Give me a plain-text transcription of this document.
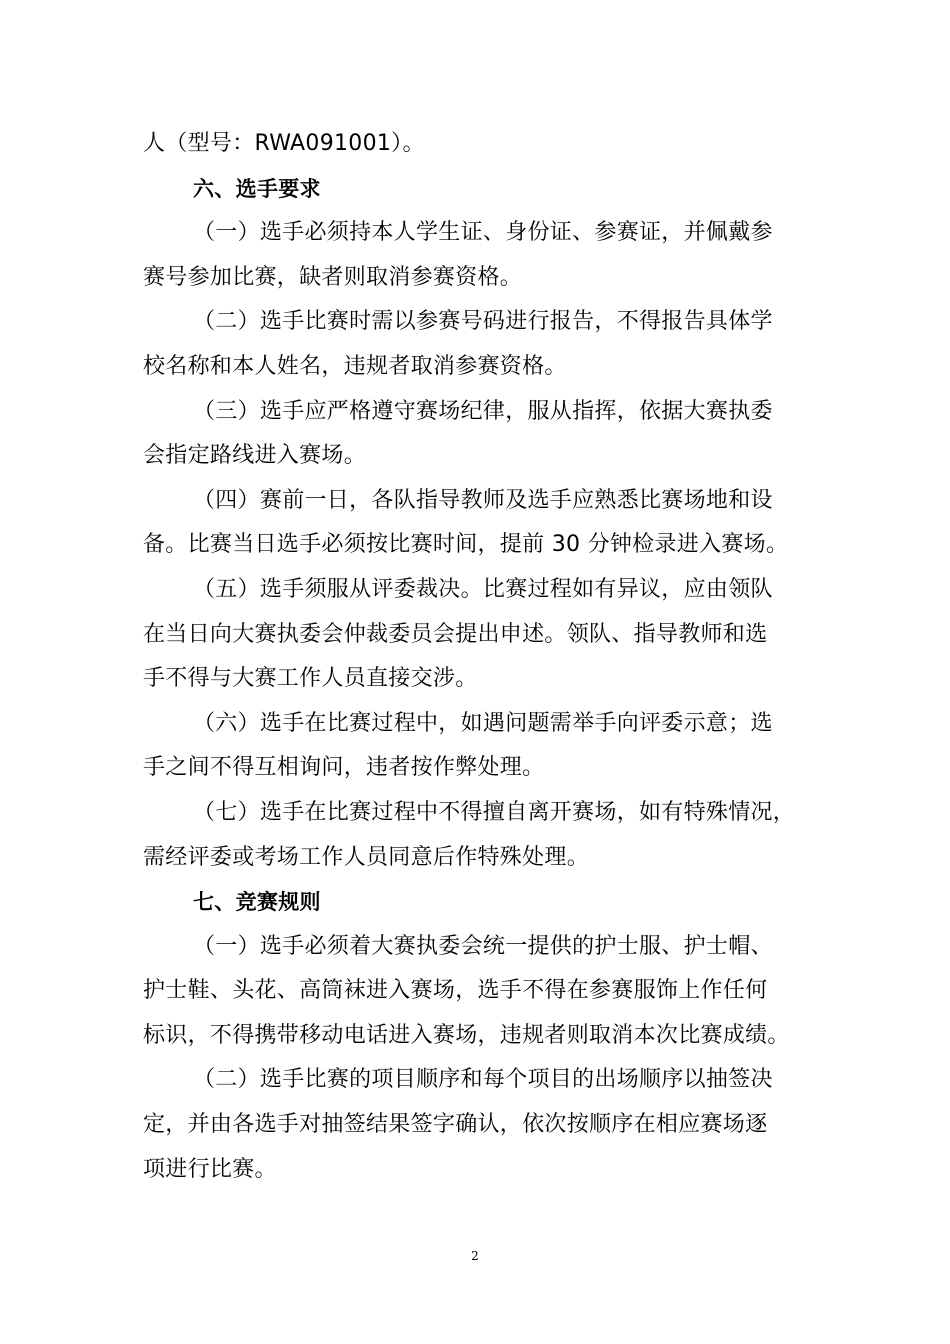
人（型号：RWA091001）。
六、选手要求
（一）选手必须持本人学生证、身份证、参赛证，并佩戴参
赛号参加比赛，缺者则取消参赛资格。
（二）选手比赛时需以参赛号码进行报告，不得报告具体学
校名称和本人姓名，违规者取消参赛资格。
（三）选手应严格遵守赛场纪律，服从指挥，依据大赛执委
会指定路线进入赛场。
（四）赛前一日，各队指导教师及选手应熟悉比赛场地和设
备。比赛当日选手必须按比赛时间，提前 30 分钟检录进入赛场。
（五）选手须服从评委裁决。比赛过程如有异议，应由领队
在当日向大赛执委会仲裁委员会提出申述。领队、指导教师和选
手不得与大赛工作人员直接交涉。
（六）选手在比赛过程中，如遇问题需举手向评委示意；选
手之间不得互相询问，违者按作弊处理。
（七）选手在比赛过程中不得擅自离开赛场，如有特殊情况，
需经评委或考场工作人员同意后作特殊处理。
七、竞赛规则
（一）选手必须着大赛执委会统一提供的护士服、护士帽、
护士鞋、头花、高筒袜进入赛场，选手不得在参赛服饰上作任何
标识，不得携带移动电话进入赛场，违规者则取消本次比赛成绩。
（二）选手比赛的项目顺序和每个项目的出场顺序以抽签决
定，并由各选手对抽签结果签字确认，依次按顺序在相应赛场逐
项进行比赛。
2
